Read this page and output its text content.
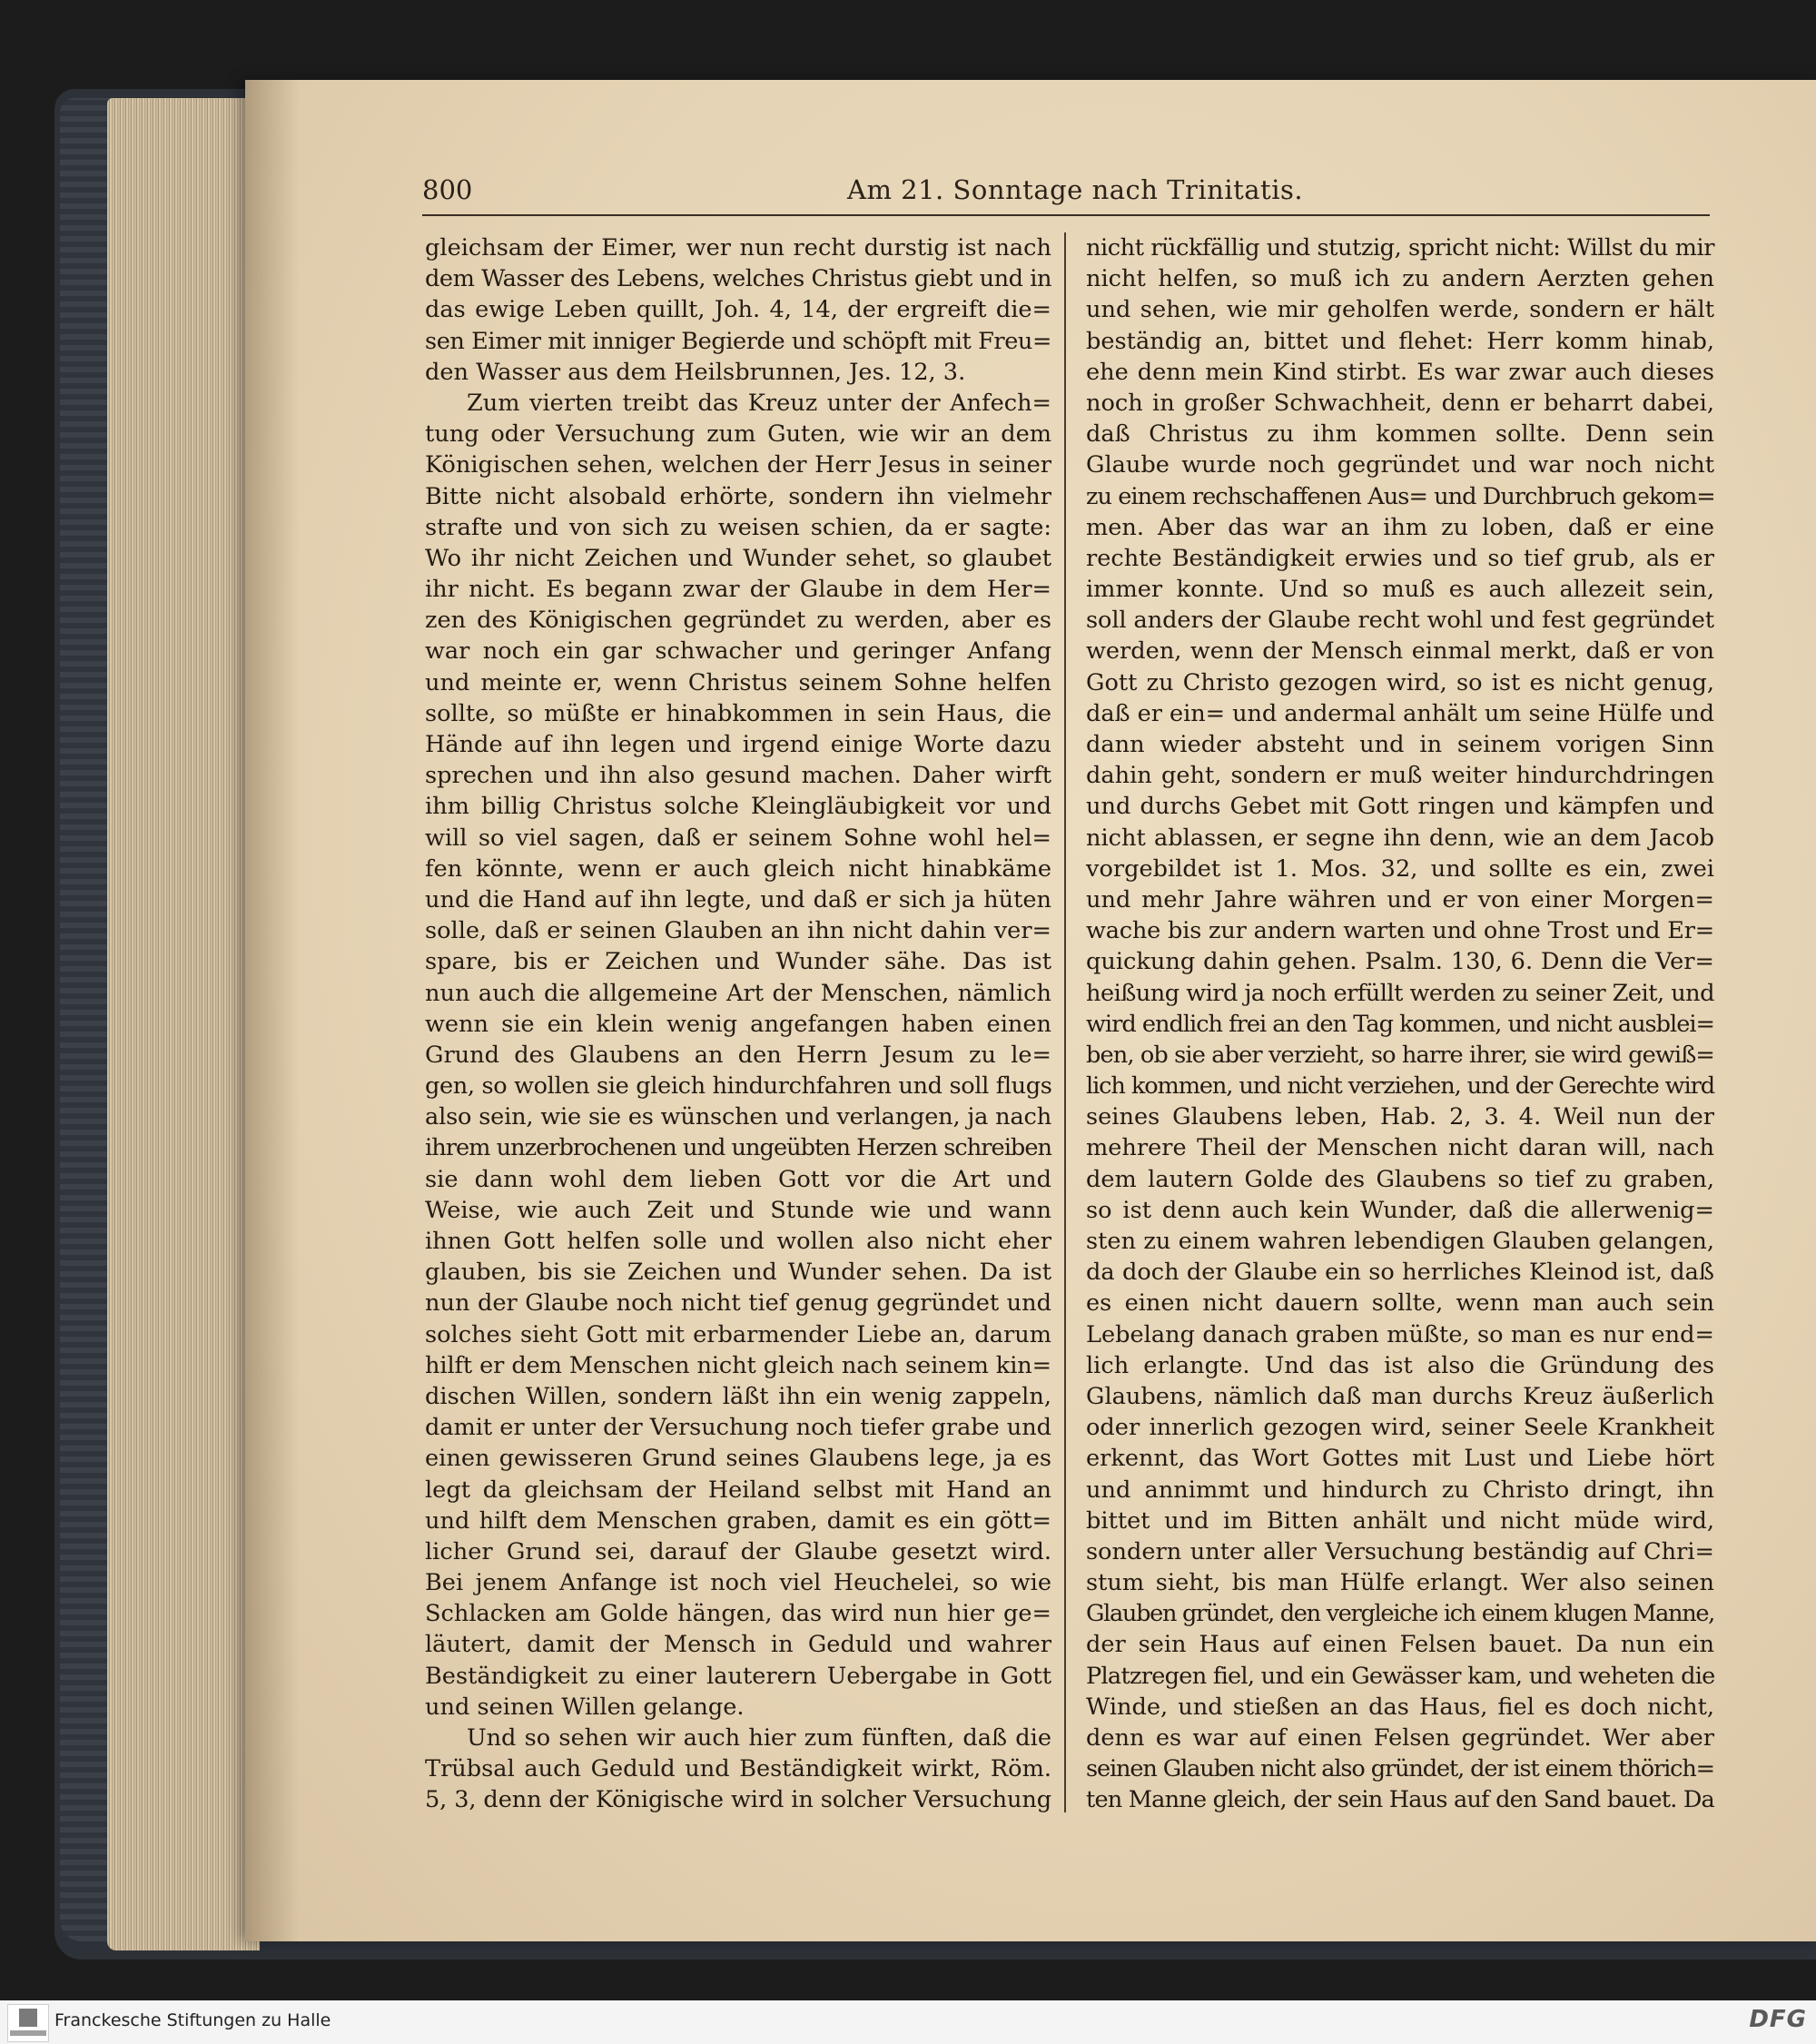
800	Am 21. Sonntage nach Trinitatis.
gleichsam der Eimer, wer nun recht durstig ist nach
dem Wasser des Lebens, welches Christus giebt und in
das ewige Leben quillt, Joh. 4, 14, der ergreift die=
sen Eimer mit inniger Begierde und schöpft mit Freu=
den Wasser aus dem Heilsbrunnen, Jes. 12, 3.
Zum vierten treibt das Kreuz unter der Anfech=
tung oder Versuchung zum Guten, wie wir an dem
Königischen sehen, welchen der Herr Jesus in seiner
Bitte nicht alsobald erhörte, sondern ihn vielmehr
strafte und von sich zu weisen schien, da er sagte:
Wo ihr nicht Zeichen und Wunder sehet, so glaubet
ihr nicht. Es begann zwar der Glaube in dem Her=
zen des Königischen gegründet zu werden, aber es
war noch ein gar schwacher und geringer Anfang
und meinte er, wenn Christus seinem Sohne helfen
sollte, so müßte er hinabkommen in sein Haus, die
Hände auf ihn legen und irgend einige Worte dazu
sprechen und ihn also gesund machen. Daher wirft
ihm billig Christus solche Kleingläubigkeit vor und
will so viel sagen, daß er seinem Sohne wohl hel=
fen könnte, wenn er auch gleich nicht hinabkäme
und die Hand auf ihn legte, und daß er sich ja hüten
solle, daß er seinen Glauben an ihn nicht dahin ver=
spare, bis er Zeichen und Wunder sähe. Das ist
nun auch die allgemeine Art der Menschen, nämlich
wenn sie ein klein wenig angefangen haben einen
Grund des Glaubens an den Herrn Jesum zu le=
gen, so wollen sie gleich hindurchfahren und soll flugs
also sein, wie sie es wünschen und verlangen, ja nach
ihrem unzerbrochenen und ungeübten Herzen schreiben
sie dann wohl dem lieben Gott vor die Art und
Weise, wie auch Zeit und Stunde wie und wann
ihnen Gott helfen solle und wollen also nicht eher
glauben, bis sie Zeichen und Wunder sehen. Da ist
nun der Glaube noch nicht tief genug gegründet und
solches sieht Gott mit erbarmender Liebe an, darum
hilft er dem Menschen nicht gleich nach seinem kin=
dischen Willen, sondern läßt ihn ein wenig zappeln,
damit er unter der Versuchung noch tiefer grabe und
einen gewisseren Grund seines Glaubens lege, ja es
legt da gleichsam der Heiland selbst mit Hand an
und hilft dem Menschen graben, damit es ein gött=
licher Grund sei, darauf der Glaube gesetzt wird.
Bei jenem Anfange ist noch viel Heuchelei, so wie
Schlacken am Golde hängen, das wird nun hier ge=
läutert, damit der Mensch in Geduld und wahrer
Beständigkeit zu einer lauterern Uebergabe in Gott
und seinen Willen gelange.
Und so sehen wir auch hier zum fünften, daß die
Trübsal auch Geduld und Beständigkeit wirkt, Röm.
5, 3, denn der Königische wird in solcher Versuchung
nicht rückfällig und stutzig, spricht nicht: Willst du mir
nicht helfen, so muß ich zu andern Aerzten gehen
und sehen, wie mir geholfen werde, sondern er hält
beständig an, bittet und flehet: Herr komm hinab,
ehe denn mein Kind stirbt. Es war zwar auch dieses
noch in großer Schwachheit, denn er beharrt dabei,
daß Christus zu ihm kommen sollte. Denn sein
Glaube wurde noch gegründet und war noch nicht
zu einem rechschaffenen Aus= und Durchbruch gekom=
men. Aber das war an ihm zu loben, daß er eine
rechte Beständigkeit erwies und so tief grub, als er
immer konnte. Und so muß es auch allezeit sein,
soll anders der Glaube recht wohl und fest gegründet
werden, wenn der Mensch einmal merkt, daß er von
Gott zu Christo gezogen wird, so ist es nicht genug,
daß er ein= und andermal anhält um seine Hülfe und
dann wieder absteht und in seinem vorigen Sinn
dahin geht, sondern er muß weiter hindurchdringen
und durchs Gebet mit Gott ringen und kämpfen und
nicht ablassen, er segne ihn denn, wie an dem Jacob
vorgebildet ist 1. Mos. 32, und sollte es ein, zwei
und mehr Jahre währen und er von einer Morgen=
wache bis zur andern warten und ohne Trost und Er=
quickung dahin gehen. Psalm. 130, 6. Denn die Ver=
heißung wird ja noch erfüllt werden zu seiner Zeit, und
wird endlich frei an den Tag kommen, und nicht ausblei=
ben, ob sie aber verzieht, so harre ihrer, sie wird gewiß=
lich kommen, und nicht verziehen, und der Gerechte wird
seines Glaubens leben, Hab. 2, 3. 4. Weil nun der
mehrere Theil der Menschen nicht daran will, nach
dem lautern Golde des Glaubens so tief zu graben,
so ist denn auch kein Wunder, daß die allerwenig=
sten zu einem wahren lebendigen Glauben gelangen,
da doch der Glaube ein so herrliches Kleinod ist, daß
es einen nicht dauern sollte, wenn man auch sein
Lebelang danach graben müßte, so man es nur end=
lich erlangte. Und das ist also die Gründung des
Glaubens, nämlich daß man durchs Kreuz äußerlich
oder innerlich gezogen wird, seiner Seele Krankheit
erkennt, das Wort Gottes mit Lust und Liebe hört
und annimmt und hindurch zu Christo dringt, ihn
bittet und im Bitten anhält und nicht müde wird,
sondern unter aller Versuchung beständig auf Chri=
stum sieht, bis man Hülfe erlangt. Wer also seinen
Glauben gründet, den vergleiche ich einem klugen Manne,
der sein Haus auf einen Felsen bauet. Da nun ein
Platzregen fiel, und ein Gewässer kam, und weheten die
Winde, und stießen an das Haus, fiel es doch nicht,
denn es war auf einen Felsen gegründet. Wer aber
seinen Glauben nicht also gründet, der ist einem thörich=
ten Manne gleich, der sein Haus auf den Sand bauet. Da
Franckesche Stiftungen zu Halle	DFG
